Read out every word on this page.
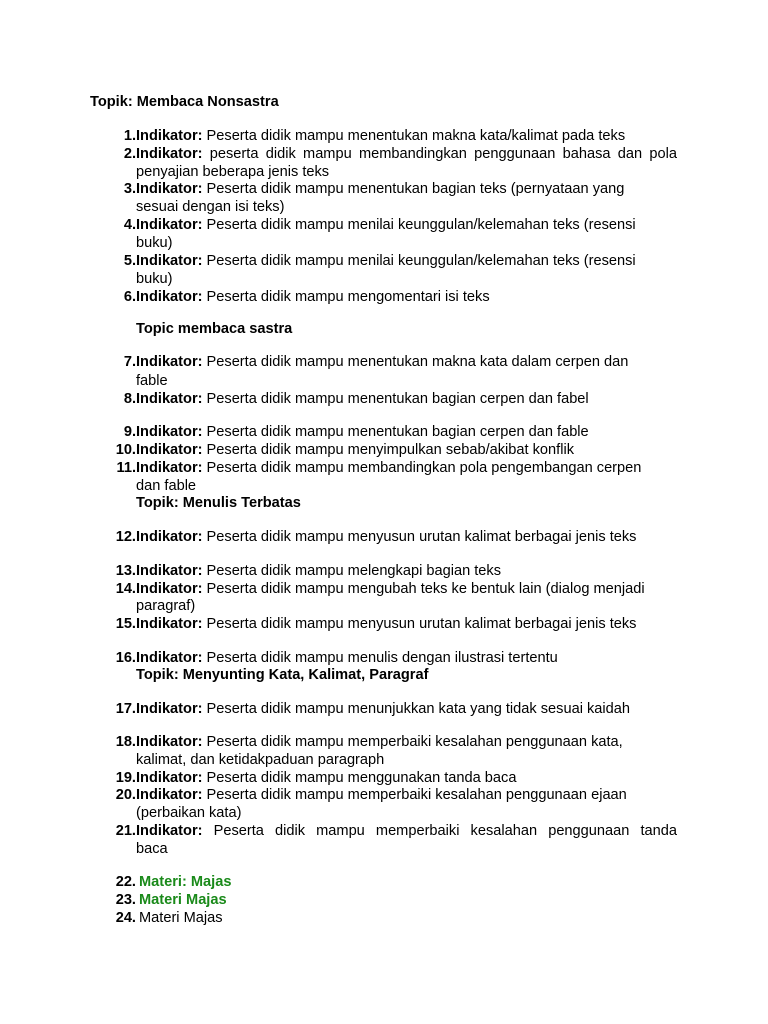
Topik: Membaca Nonsastra
1. Indikator: Peserta didik mampu menentukan makna kata/kalimat pada teks
2. Indikator: peserta didik mampu membandingkan penggunaan bahasa dan pola
penyajian beberapa jenis teks
3. Indikator: Peserta didik mampu menentukan bagian teks (pernyataan yang
sesuai dengan isi teks)
4. Indikator: Peserta didik mampu menilai keunggulan/kelemahan teks (resensi
buku)
5. Indikator: Peserta didik mampu menilai keunggulan/kelemahan teks (resensi
buku)
6. Indikator: Peserta didik mampu mengomentari isi teks
Topic membaca sastra
7. Indikator: Peserta didik mampu menentukan makna kata dalam cerpen dan
fable
8. Indikator: Peserta didik mampu menentukan bagian cerpen dan fabel
9. Indikator: Peserta didik mampu menentukan bagian cerpen dan fable
10. Indikator: Peserta didik mampu menyimpulkan sebab/akibat konflik
11. Indikator: Peserta didik mampu membandingkan pola pengembangan cerpen
dan fable
Topik: Menulis Terbatas
12. Indikator: Peserta didik mampu menyusun urutan kalimat berbagai jenis teks
13. Indikator: Peserta didik mampu melengkapi bagian teks
14. Indikator: Peserta didik mampu mengubah teks ke bentuk lain (dialog menjadi
paragraf)
15. Indikator: Peserta didik mampu menyusun urutan kalimat berbagai jenis teks
16. Indikator: Peserta didik mampu menulis dengan ilustrasi tertentu
Topik: Menyunting Kata, Kalimat, Paragraf
17. Indikator: Peserta didik mampu menunjukkan kata yang tidak sesuai kaidah
18. Indikator: Peserta didik mampu memperbaiki kesalahan penggunaan kata,
kalimat, dan ketidakpaduan paragraph
19. Indikator: Peserta didik mampu menggunakan tanda baca
20. Indikator: Peserta didik mampu memperbaiki kesalahan penggunaan ejaan
(perbaikan kata)
21. Indikator: Peserta didik mampu memperbaiki kesalahan penggunaan tanda
baca
22. Materi: Majas
23. Materi Majas
24. Materi Majas
